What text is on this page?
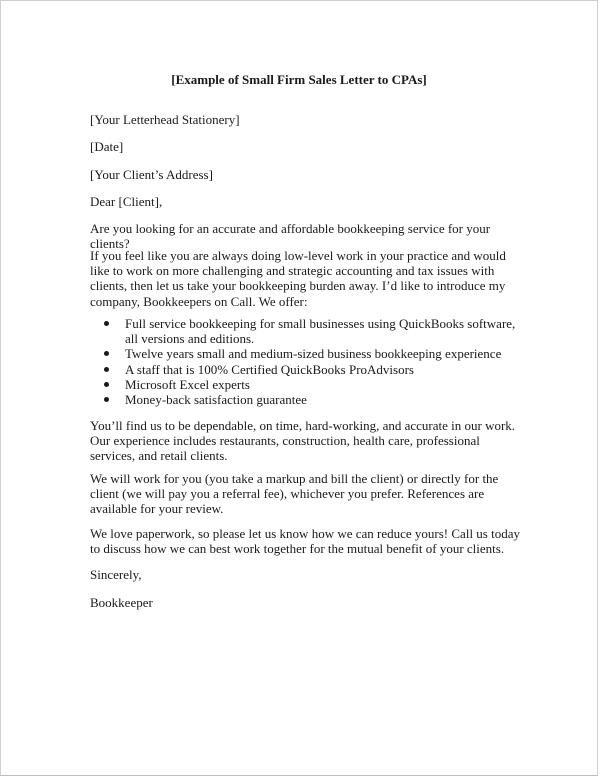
[Example of Small Firm Sales Letter to CPAs]

[Your Letterhead Stationery]

[Date]

[Your Client’s Address]

Dear [Client],

Are you looking for an accurate and affordable bookkeeping service for your clients?

If you feel like you are always doing low-level work in your practice and would like to work on more challenging and strategic accounting and tax issues with clients, then let us take your bookkeeping burden away. I’d like to introduce my company, Bookkeepers on Call. We offer:

Full service bookkeeping for small businesses using QuickBooks software, all versions and editions.
Twelve years small and medium-sized business bookkeeping experience
A staff that is 100% Certified QuickBooks ProAdvisors
Microsoft Excel experts
Money-back satisfaction guarantee

You’ll find us to be dependable, on time, hard-working, and accurate in our work. Our experience includes restaurants, construction, health care, professional services, and retail clients.

We will work for you (you take a markup and bill the client) or directly for the client (we will pay you a referral fee), whichever you prefer. References are available for your review.

We love paperwork, so please let us know how we can reduce yours! Call us today to discuss how we can best work together for the mutual benefit of your clients.

Sincerely,

Bookkeeper
